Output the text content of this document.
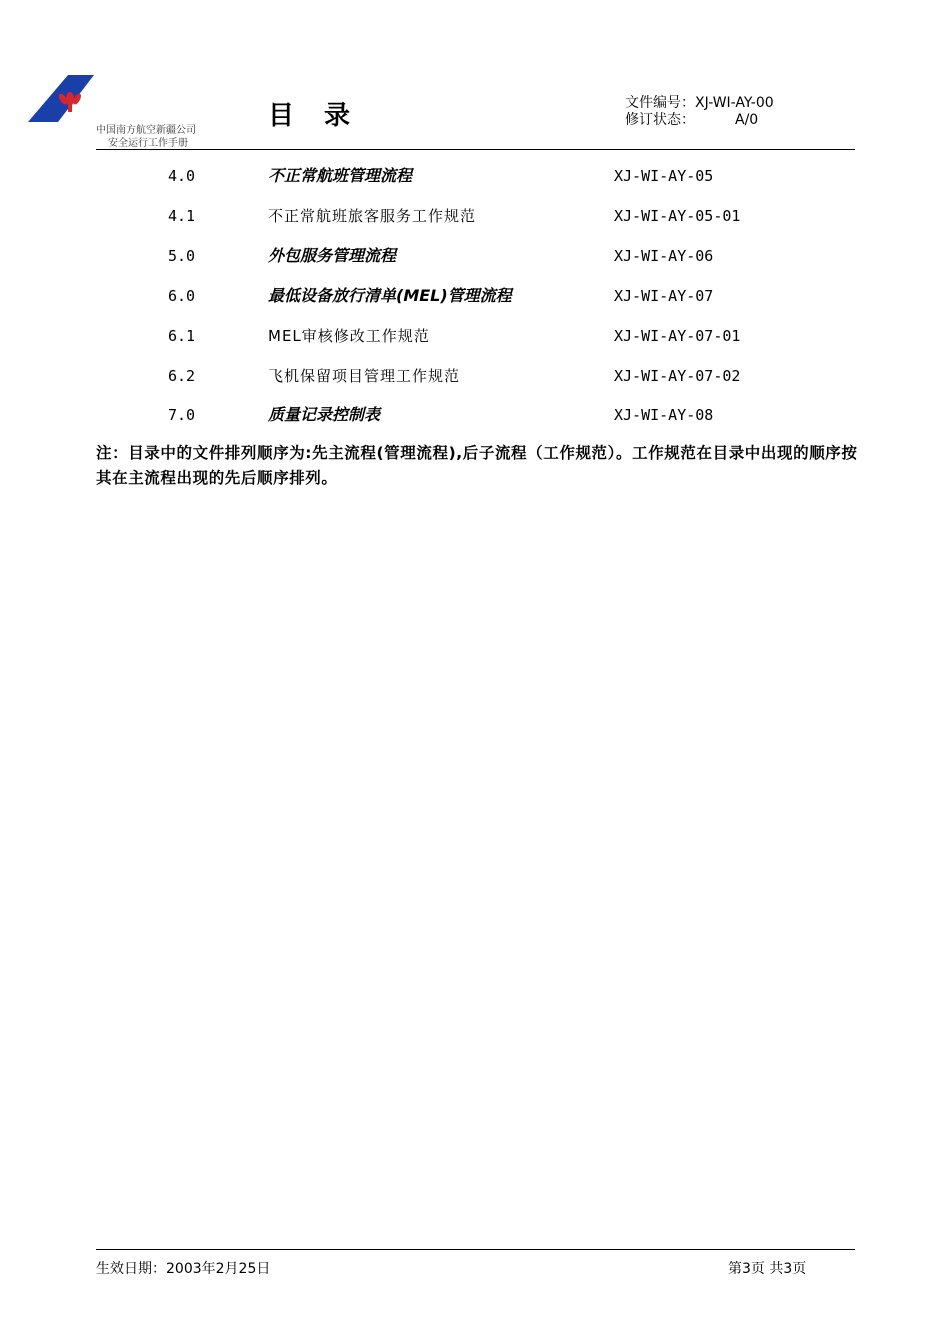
中国南方航空新疆公司
安全运行工作手册
目录	文件编号：XJ-WI-AY-00
修订状态：	A/0
4.0	不正常航班管理流程	XJ-WI-AY-05
4.1	不正常航班旅客服务工作规范	XJ-WI-AY-05-01
5.0	外包服务管理流程	XJ-WI-AY-06
6.0	最低设备放行清单(MEL)管理流程	XJ-WI-AY-07
6.1	MEL审核修改工作规范	XJ-WI-AY-07-01
6.2	飞机保留项目管理工作规范	XJ-WI-AY-07-02
7.0	质量记录控制表	XJ-WI-AY-08
注：目录中的文件排列顺序为:先主流程(管理流程),后子流程（工作规范）。工作规范在目录中出现的顺序按其在主流程出现的先后顺序排列。
生效日期：2003年2月25日	第3页 共3页
